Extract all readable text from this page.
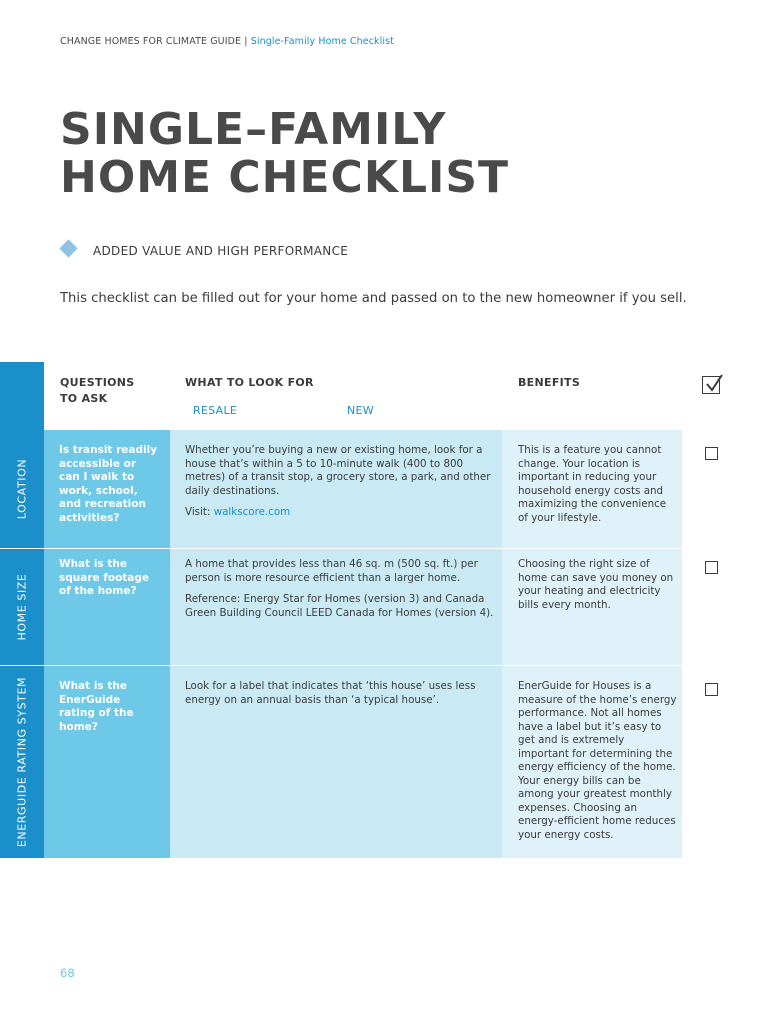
CHANGE HOMES FOR CLIMATE GUIDE | Single-Family Home Checklist
SINGLE–FAMILY
HOME CHECKLIST
ADDED VALUE AND HIGH PERFORMANCE
This checklist can be filled out for your home and passed on to the new homeowner if you sell.
LOCATION
HOME SIZE
ENERGUIDE RATING SYSTEM
QUESTIONS TO ASK
WHAT TO LOOK FOR	BENEFITS
RESALE	NEW
Is transit readily accessible or can I walk to work, school, and recreation activities?

Whether you’re buying a new or existing home, look for a house that’s within a 5 to 10-minute walk (400 to 800 metres) of a transit stop, a grocery store, a park, and other daily destinations.

Visit: walkscore.com

This is a feature you cannot change. Your location is important in reducing your household energy costs and maximizing the convenience of your lifestyle.
What is the square footage of the home?

A home that provides less than 46 sq. m (500 sq. ft.) per person is more resource efficient than a larger home.

Reference: Energy Star for Homes (version 3) and Canada Green Building Council LEED Canada for Homes (version 4).

Choosing the right size of home can save you money on your heating and electricity bills every month.
What is the EnerGuide rating of the home?

Look for a label that indicates that ‘this house’ uses less energy on an annual basis than ‘a typical house’.

EnerGuide for Houses is a measure of the home’s energy performance. Not all homes have a label but it’s easy to get and is extremely important for determining the energy efficiency of the home. Your energy bills can be among your greatest monthly expenses. Choosing an energy-efficient home reduces your energy costs.
68
